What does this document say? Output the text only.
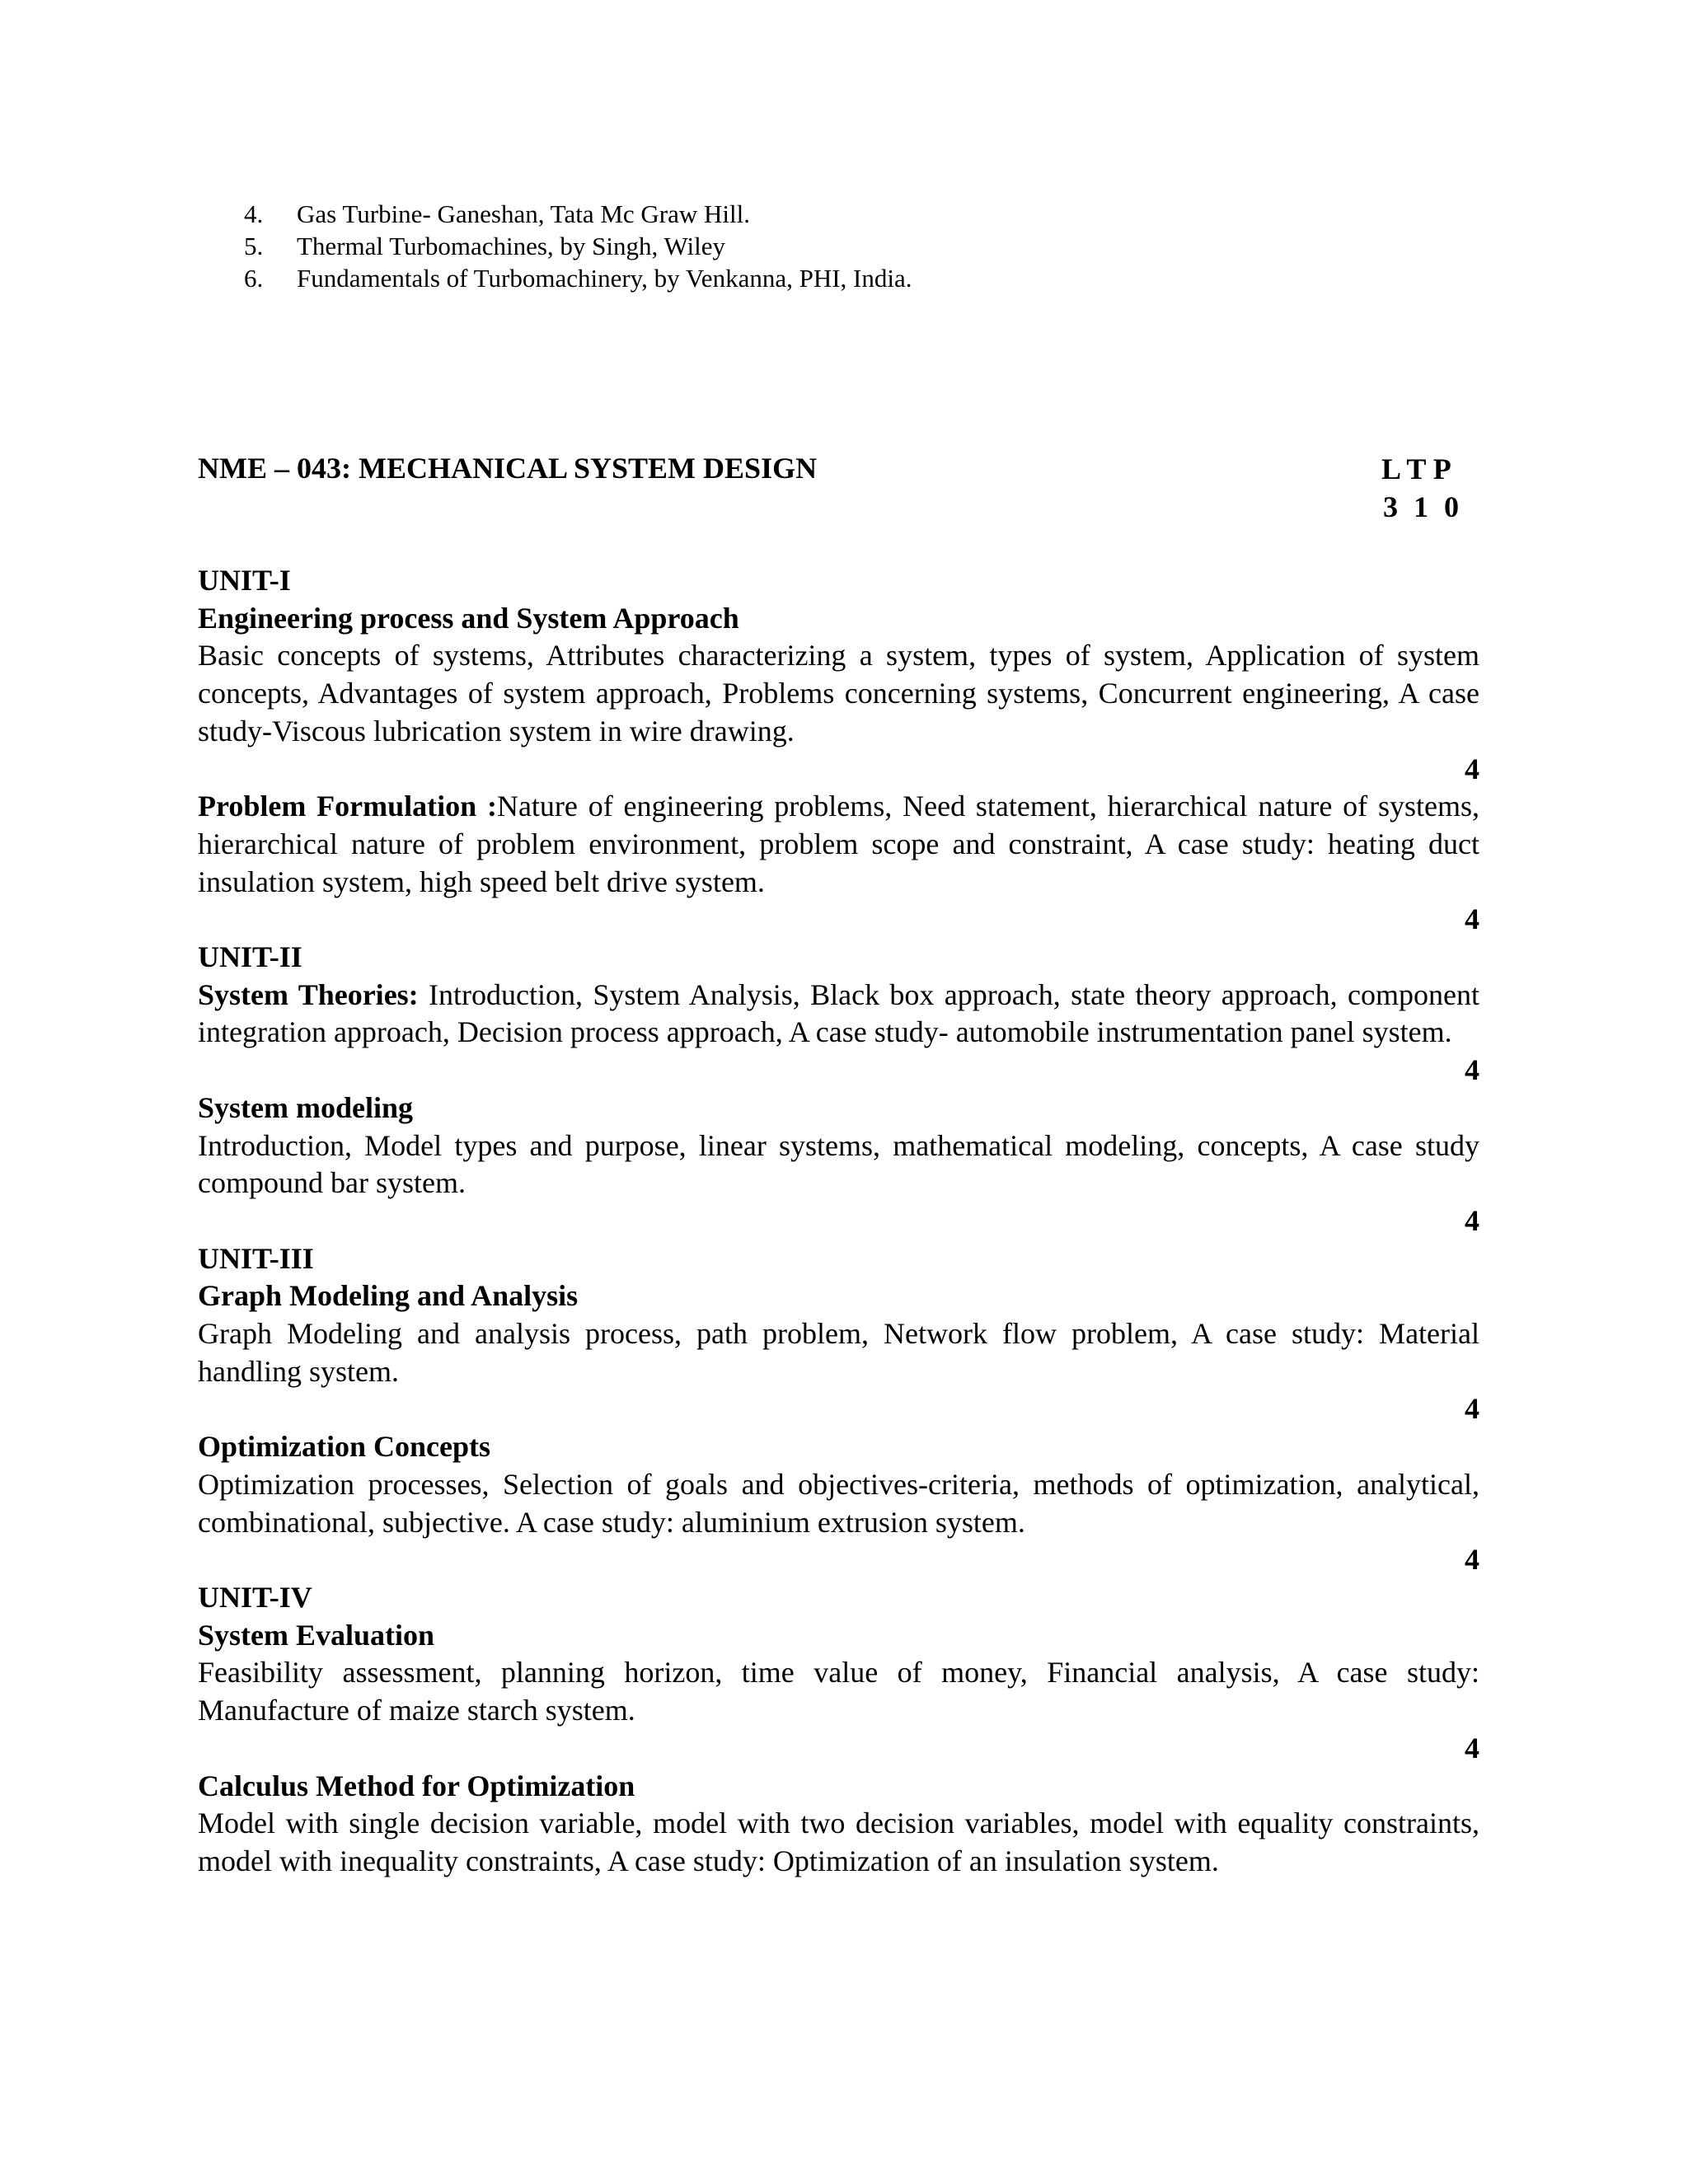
4. Gas Turbine- Ganeshan, Tata Mc Graw Hill.
5. Thermal Turbomachines, by Singh, Wiley
6. Fundamentals of Turbomachinery, by Venkanna, PHI, India.
NME – 043: MECHANICAL SYSTEM DESIGN	L T P
3 1 0
UNIT-I
Engineering process and System Approach
Basic concepts of systems, Attributes characterizing a system, types of system, Application of system concepts, Advantages of system approach, Problems concerning systems, Concurrent engineering, A case study-Viscous lubrication system in wire drawing.
4
Problem Formulation :Nature of engineering problems, Need statement, hierarchical nature of systems, hierarchical nature of problem environment, problem scope and constraint, A case study: heating duct insulation system, high speed belt drive system.
4
UNIT-II
System Theories: Introduction, System Analysis, Black box approach, state theory approach, component integration approach, Decision process approach, A case study- automobile instrumentation panel system.
4
System modeling
Introduction, Model types and purpose, linear systems, mathematical modeling, concepts, A case study compound bar system.
4
UNIT-III
Graph Modeling and Analysis
Graph Modeling and analysis process, path problem, Network flow problem, A case study: Material handling system.
4
Optimization Concepts
Optimization processes, Selection of goals and objectives-criteria, methods of optimization, analytical, combinational, subjective. A case study: aluminium extrusion system.
4
UNIT-IV
System Evaluation
Feasibility assessment, planning horizon, time value of money, Financial analysis, A case study: Manufacture of maize starch system.
4
Calculus Method for Optimization
Model with single decision variable, model with two decision variables, model with equality constraints, model with inequality constraints, A case study: Optimization of an insulation system.
